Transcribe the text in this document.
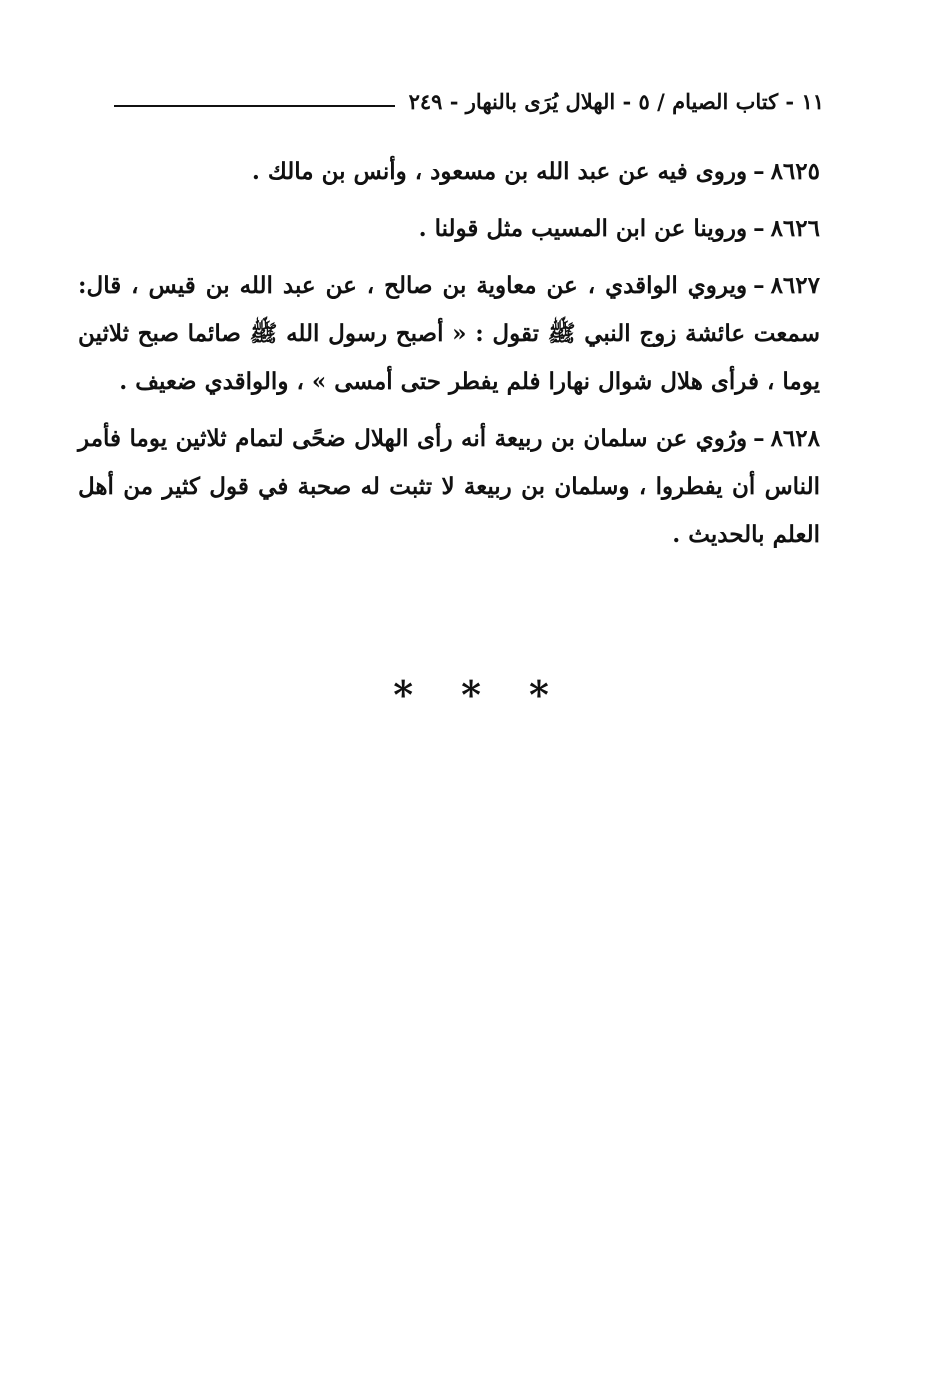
١١ - كتاب الصيام / ٥ - الهلال يُرَى بالنهار - ٢٤٩

٨٦٢٥–وروى فيه عن عبد الله بن مسعود ، وأنس بن مالك .

٨٦٢٦–وروينا عن ابن المسيب مثل قولنا .

٨٦٢٧–ويروي الواقدي ، عن معاوية بن صالح ، عن عبد الله بن قيس ، قال: سمعت عائشة زوج النبي ﷺ تقول : « أصبح رسول الله ﷺ صائما صبح ثلاثين يوما ، فرأى هلال شوال نهارا فلم يفطر حتى أمسى » ، والواقدي ضعيف .

٨٦٢٨–ورُوي عن سلمان بن ربيعة أنه رأى الهلال ضحًى لتمام ثلاثين يوما فأمر الناس أن يفطروا ، وسلمان بن ربيعة لا تثبت له صحبة في قول كثير من أهل العلم بالحديث .

* * *
